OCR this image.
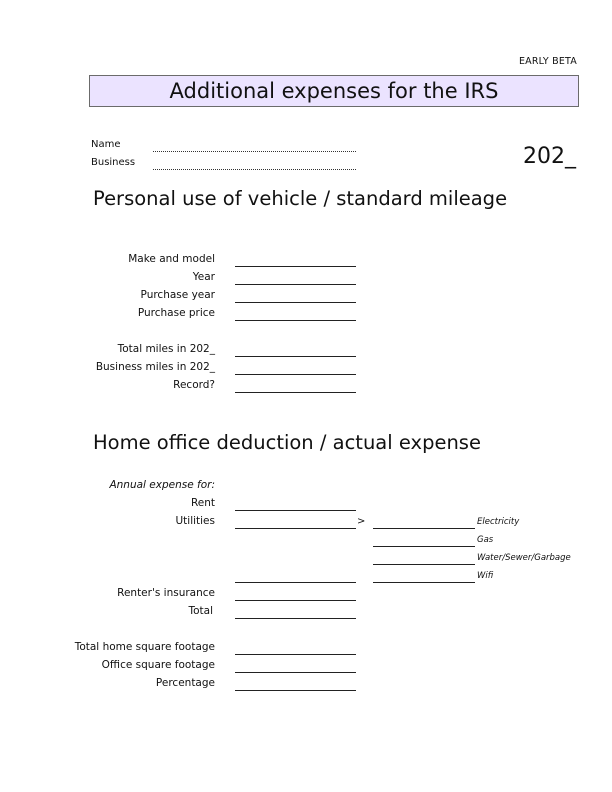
EARLY BETA
Additional expenses for the IRS
Name
Business	202_
Personal use of vehicle / standard mileage
Make and model
Year
Purchase year
Purchase price
Total miles in 202_
Business miles in 202_
Record?
Home office deduction / actual expense
Annual expense for:
Rent
Utilities	>	Electricity
Gas
Water/Sewer/Garbage
Wifi
Renter's insurance
Total
Total home square footage
Office square footage
Percentage
